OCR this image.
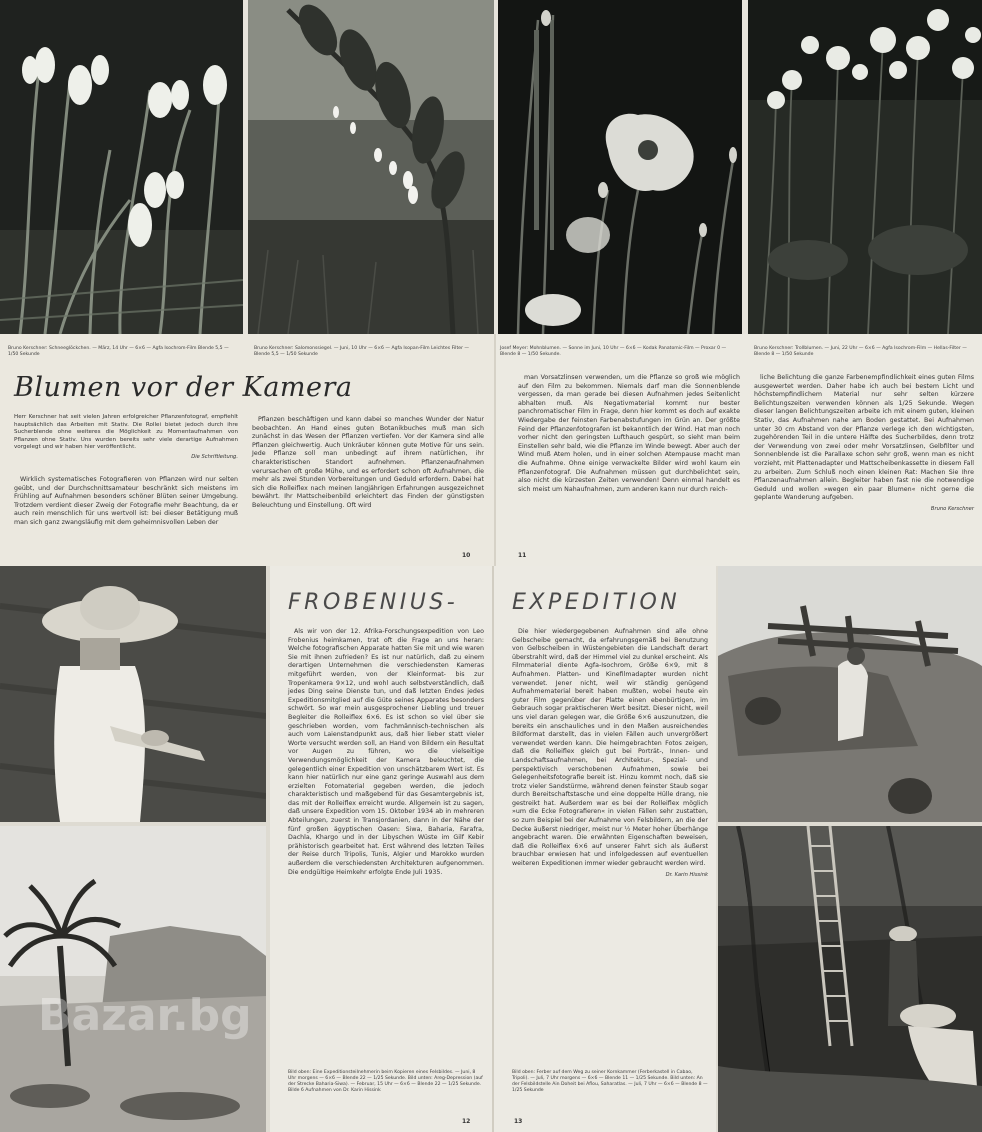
Bruno Kerschner: Schneeglöckchen. — März, 14 Uhr — 6×6 — Agfa Isochrom-Film Blende 5,5 — 1/50 Sekunde
Bruno Kerschner: Salomonssiegel. — Juni, 10 Uhr — 6×6 — Agfa Isopan-Film Leichtes Filter — Blende 5,5 — 1/50 Sekunde
Josef Meyer: Mohnblumen. — Sonne im Juni, 10 Uhr — 6×6 — Kodak Panatomic-Film — Proxar 0 — Blende 8 — 1/50 Sekunde.
Bruno Kerschner: Trollblumen. — Juni, 22 Uhr — 6×6 — Agfa Isochrom-Film — Hellas-Filter — Blende 8 — 1/50 Sekunde
Blumen vor der Kamera

Herr Kerschner hat seit vielen Jahren erfolgreicher Pflanzenfotograf, empfiehlt hauptsächlich das Arbeiten mit Stativ. Die Rollei bietet jedoch durch ihre Sucherblende ohne weiteres die Möglichkeit zu Momentaufnahmen von Pflanzen ohne Stativ. Uns wurden bereits sehr viele derartige Aufnahmen vorgelegt und wir haben hier veröffentlicht.

Die Schriftleitung.

Wirklich systematisches Fotografieren von Pflanzen wird nur selten geübt, und der Durchschnittsamateur beschränkt sich meistens im Frühling auf Aufnahmen besonders schöner Blüten seiner Umgebung. Trotzdem verdient dieser Zweig der Fotografie mehr Beachtung, da er auch rein menschlich für uns wertvoll ist: bei dieser Betätigung muß man sich ganz zwangsläufig mit dem geheimnisvollen Leben der

Pflanzen beschäftigen und kann dabei so manches Wunder der Natur beobachten. An Hand eines guten Botanikbuches muß man sich zunächst in das Wesen der Pflanzen vertiefen. Vor der Kamera sind alle Pflanzen gleichwertig. Auch Unkräuter können gute Motive für uns sein. Jede Pflanze soll man unbedingt auf ihrem natürlichen, ihr charakteristischen Standort aufnehmen. Pflanzenaufnahmen verursachen oft große Mühe, und es erfordert schon oft Aufnahmen, die mehr als zwei Stunden Vorbereitungen und Geduld erfordern. Dabei hat sich die Rolleiflex nach meinen langjährigen Erfahrungen ausgezeichnet bewährt. Ihr Mattscheibenbild erleichtert das Finden der günstigsten Beleuchtung und Einstellung. Oft wird

10

man Vorsatzlinsen verwenden, um die Pflanze so groß wie möglich auf den Film zu bekommen. Niemals darf man die Sonnenblende vergessen, da man gerade bei diesen Aufnahmen jedes Seitenlicht abhalten muß. Als Negativmaterial kommt nur bester panchromatischer Film in Frage, denn hier kommt es doch auf exakte Wiedergabe der feinsten Farbenabstufungen im Grün an. Der größte Feind der Pflanzenfotografen ist bekanntlich der Wind. Hat man noch vorher nicht den geringsten Lufthauch gespürt, so sieht man beim Einstellen sehr bald, wie die Pflanze im Winde bewegt. Aber auch der Wind muß Atem holen, und in einer solchen Atempause macht man die Aufnahme. Ohne einige verwackelte Bilder wird wohl kaum ein Pflanzenfotograf. Die Aufnahmen müssen gut durchbelichtet sein, also nicht die kürzesten Zeiten verwenden! Denn einmal handelt es sich meist um Nahaufnahmen, zum anderen kann nur durch reich-

11

liche Belichtung die ganze Farbenempfindlichkeit eines guten Films ausgewertet werden. Daher habe ich auch bei bestem Licht und höchstempfindlichem Material nur sehr selten kürzere Belichtungszeiten verwenden können als 1/25 Sekunde. Wegen dieser langen Belichtungszeiten arbeite ich mit einem guten, kleinen Stativ, das Aufnahmen nahe am Boden gestattet. Bei Aufnahmen unter 30 cm Abstand von der Pflanze verlege ich den wichtigsten, zugehörenden Teil in die untere Hälfte des Sucherbildes, denn trotz der Verwendung von zwei oder mehr Vorsatzlinsen, Gelbfilter und Sonnenblende ist die Parallaxe schon sehr groß, wenn man es nicht vorzieht, mit Plattenadapter und Mattscheibenkassette in diesem Fall zu arbeiten. Zum Schluß noch einen kleinen Rat: Machen Sie Ihre Pflanzenaufnahmen allein. Begleiter haben fast nie die notwendige Geduld und wollen »wegen ein paar Blumen« nicht gerne die geplante Wanderung aufgeben.

Bruno Kerschner
Bazar.bg
FROBENIUS- EXPEDITION

Als wir von der 12. Afrika-Forschungsexpedition von Leo Frobenius heimkamen, trat oft die Frage an uns heran: Welche fotografischen Apparate hatten Sie mit und wie waren Sie mit ihnen zufrieden? Es ist nur natürlich, daß zu einem derartigen Unternehmen die verschiedensten Kameras mitgeführt werden, von der Kleinformat- bis zur Tropenkamera 9×12, und wohl auch selbstverständlich, daß jedes Ding seine Dienste tun, und daß letzten Endes jedes Expeditionsmitglied auf die Güte seines Apparates besonders schwört. So war mein ausgesprochener Liebling und treuer Begleiter die Rolleiflex 6×6. Es ist schon so viel über sie geschrieben worden, vom fachmännisch-technischen als auch vom Laienstandpunkt aus, daß hier lieber statt vieler Worte versucht werden soll, an Hand von Bildern ein Resultat vor Augen zu führen, wo die vielseitige Verwendungsmöglichkeit der Kamera beleuchtet, die gelegentlich einer Expedition von unschätzbarem Wert ist. Es kann hier natürlich nur eine ganz geringe Auswahl aus dem erzielten Fotomaterial gegeben werden, die jedoch charakteristisch und maßgebend für das Gesamtergebnis ist, das mit der Rolleiflex erreicht wurde. Allgemein ist zu sagen, daß unsere Expedition vom 15. Oktober 1934 ab in mehreren Abteilungen, zuerst in Transjordanien, dann in der Nähe der fünf großen ägyptischen Oasen: Siwa, Baharia, Farafra, Dachla, Khargo und in der Libyschen Wüste im Gilf Kebir prähistorisch gearbeitet hat. Erst während des letzten Teiles der Reise durch Tripolis, Tunis, Algier und Marokko wurden außerdem die verschiedensten Architekturen aufgenommen. Die endgültige Heimkehr erfolgte Ende Juli 1935.

Bild oben: Eine Expeditionsteilnehmerin beim Kopieren eines Felsbildes. — Juni, 8 Uhr morgens — 6×6 — Blende 22 — 1/25 Sekunde. Bild unten: Areg-Depression (auf der Strecke Baharia-Siwa). — Februar, 15 Uhr — 6×6 — Blende 22 — 1/25 Sekunde. Bilde 6 Aufnahmen von Dr. Karin Hissink
12

Die hier wiedergegebenen Aufnahmen sind alle ohne Gelbscheibe gemacht, da erfahrungsgemäß bei Benutzung von Gelbscheiben in Wüstengebieten die Landschaft derart überstrahlt wird, daß der Himmel viel zu dunkel erscheint. Als Filmmaterial diente Agfa-Isochrom, Größe 6×9, mit 8 Aufnahmen. Platten- und Kinefilmadapter wurden nicht verwendet. Jener nicht, weil wir ständig genügend Aufnahmematerial bereit haben mußten, wobei heute ein guter Film gegenüber der Platte einen ebenbürtigen, im Gebrauch sogar praktischeren Wert besitzt. Dieser nicht, weil uns viel daran gelegen war, die Größe 6×6 auszunutzen, die bereits ein anschauliches und in den Maßen ausreichendes Bildformat darstellt, das in vielen Fällen auch unvergrößert verwendet werden kann. Die heimgebrachten Fotos zeigen, daß die Rolleiflex gleich gut bei Porträt-, Innen- und Landschaftsaufnahmen, bei Architektur-, Spezial- und perspektivisch verschobenen Aufnahmen, sowie bei Gelegenheitsfotografie bereit ist. Hinzu kommt noch, daß sie trotz vieler Sandstürme, während denen feinster Staub sogar durch Bereitschaftstasche und eine doppelte Hülle drang, nie gestreikt hat. Außerdem war es bei der Rolleiflex möglich »um die Ecke Fotografieren« in vielen Fällen sehr zustatten, so zum Beispiel bei der Aufnahme von Felsbildern, an die der Decke äußerst niedriger, meist nur ½ Meter hoher Überhänge angebracht waren. Die erwähnten Eigenschaften beweisen, daß die Rolleiflex 6×6 auf unserer Fahrt sich als äußerst brauchbar erwiesen hat und infolgedessen auf eventuellen weiteren Expeditionen immer wieder gebraucht werden wird.

Dr. Karin Hissink
Bild oben: Ferber auf dem Weg zu seiner Kornkammer (Ferberkastell in Cabao, Tripoli). — Juli, 7 Uhr morgens — 6×6 — Blende 11 — 1/25 Sekunde. Bild unten: An der Felsbildstelle Ain Doheit bei Aflou, Saharatlas. — Juli, 7 Uhr — 6×6 — Blende 8 — 1/25 Sekunde
13
